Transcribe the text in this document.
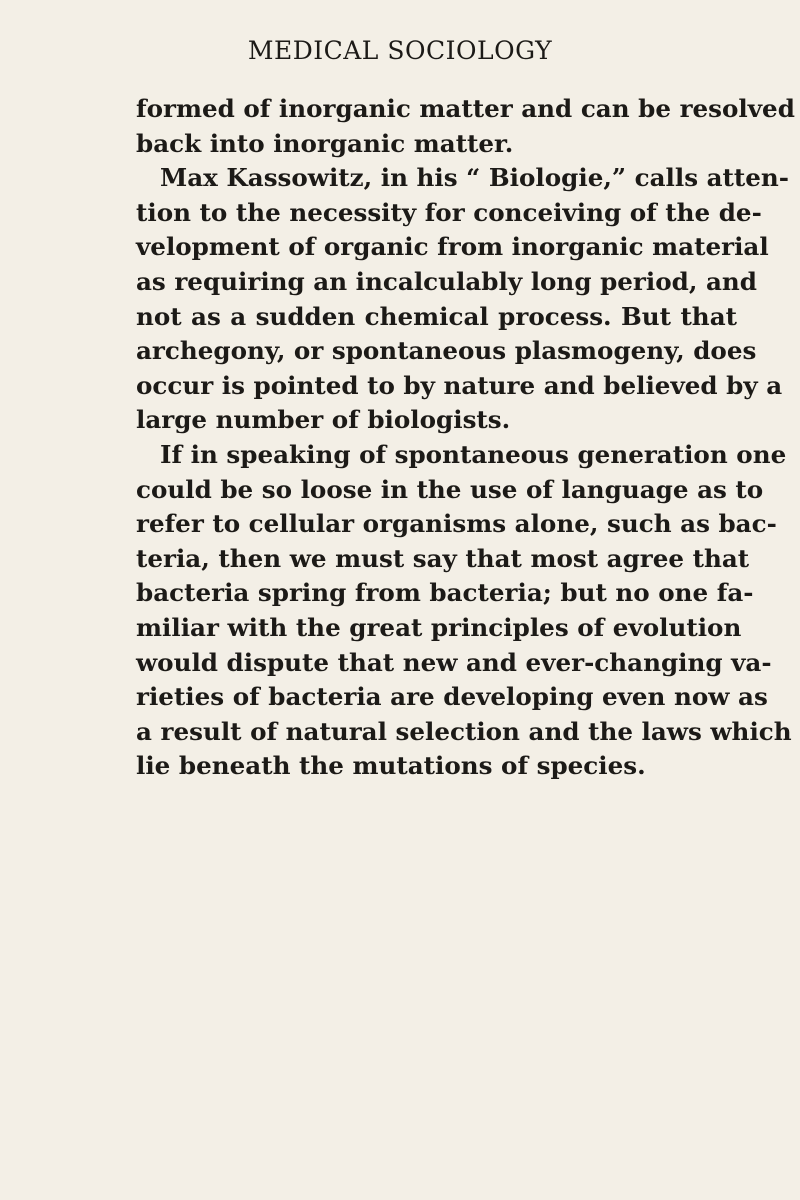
MEDICAL SOCIOLOGY
formed of inorganic matter and can be resolved
back into inorganic matter.
Max Kassowitz, in his “ Biologie,” calls atten-
tion to the necessity for conceiving of the de-
velopment of organic from inorganic material
as requiring an incalculably long period, and
not as a sudden chemical process. But that
archegony, or spontaneous plasmogeny, does
occur is pointed to by nature and believed by a
large number of biologists.
If in speaking of spontaneous generation one
could be so loose in the use of language as to
refer to cellular organisms alone, such as bac-
teria, then we must say that most agree that
bacteria spring from bacteria; but no one fa-
miliar with the great principles of evolution
would dispute that new and ever-changing va-
rieties of bacteria are developing even now as
a result of natural selection and the laws which
lie beneath the mutations of species.
